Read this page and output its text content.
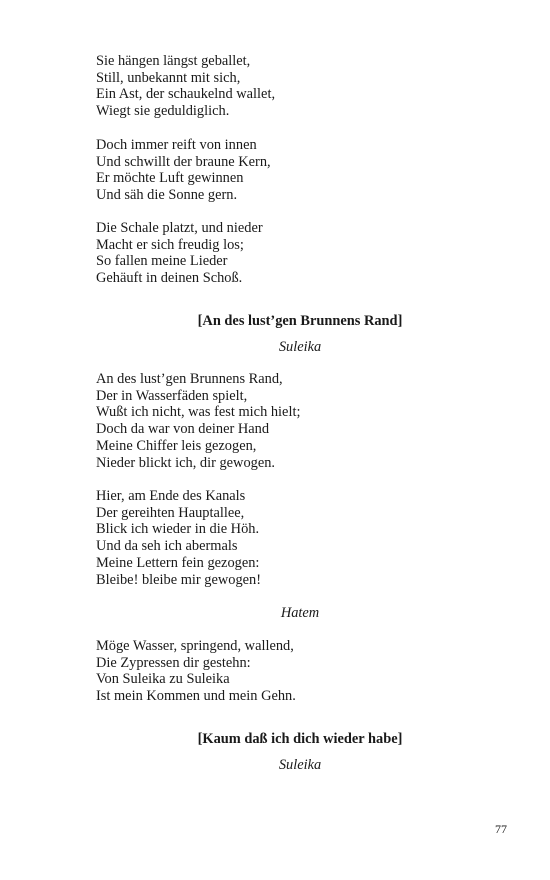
Sie hängen längst geballet,
Still, unbekannt mit sich,
Ein Ast, der schaukelnd wallet,
Wiegt sie geduldiglich.

Doch immer reift von innen
Und schwillt der braune Kern,
Er möchte Luft gewinnen
Und säh die Sonne gern.

Die Schale platzt, und nieder
Macht er sich freudig los;
So fallen meine Lieder
Gehäuft in deinen Schoß.

[An des lust’gen Brunnens Rand]

Suleika

An des lust’gen Brunnens Rand,
Der in Wasserfäden spielt,
Wußt ich nicht, was fest mich hielt;
Doch da war von deiner Hand
Meine Chiffer leis gezogen,
Nieder blickt ich, dir gewogen.

Hier, am Ende des Kanals
Der gereihten Hauptallee,
Blick ich wieder in die Höh.
Und da seh ich abermals
Meine Lettern fein gezogen:
Bleibe! bleibe mir gewogen!

Hatem

Möge Wasser, springend, wallend,
Die Zypressen dir gestehn:
Von Suleika zu Suleika
Ist mein Kommen und mein Gehn.

[Kaum daß ich dich wieder habe]

Suleika

77
